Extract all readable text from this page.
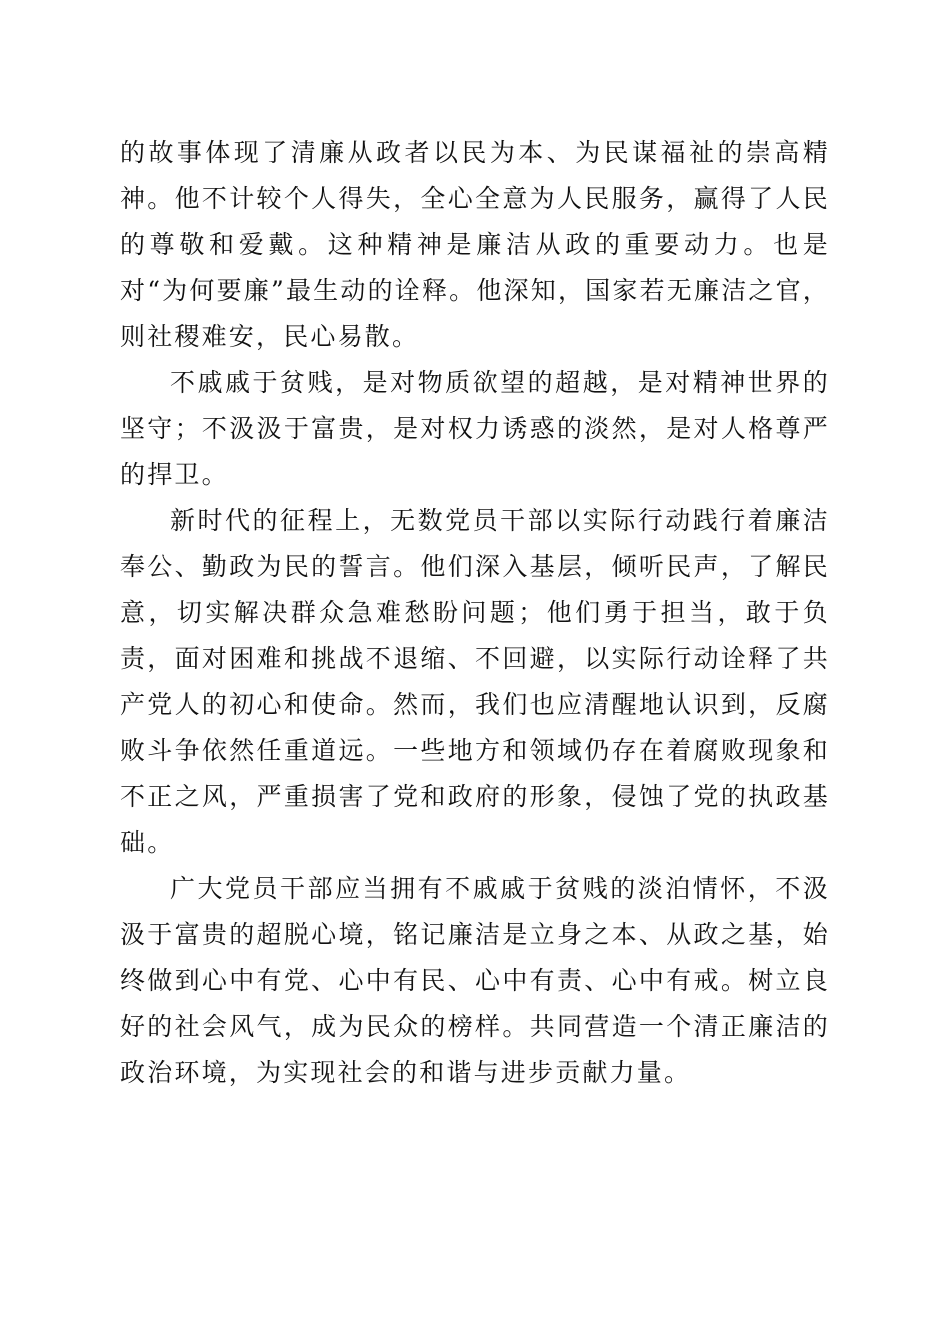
的故事体现了清廉从政者以民为本、为民谋福祉的崇高精神。他不计较个人得失，全心全意为人民服务，赢得了人民的尊敬和爱戴。这种精神是廉洁从政的重要动力。也是对“为何要廉”最生动的诠释。他深知，国家若无廉洁之官，则社稷难安，民心易散。

不戚戚于贫贱，是对物质欲望的超越，是对精神世界的坚守；不汲汲于富贵，是对权力诱惑的淡然，是对人格尊严的捍卫。

新时代的征程上，无数党员干部以实际行动践行着廉洁奉公、勤政为民的誓言。他们深入基层，倾听民声，了解民意，切实解决群众急难愁盼问题；他们勇于担当，敢于负责，面对困难和挑战不退缩、不回避，以实际行动诠释了共产党人的初心和使命。然而，我们也应清醒地认识到，反腐败斗争依然任重道远。一些地方和领域仍存在着腐败现象和不正之风，严重损害了党和政府的形象，侵蚀了党的执政基础。

广大党员干部应当拥有不戚戚于贫贱的淡泊情怀，不汲汲于富贵的超脱心境，铭记廉洁是立身之本、从政之基，始终做到心中有党、心中有民、心中有责、心中有戒。树立良好的社会风气，成为民众的榜样。共同营造一个清正廉洁的政治环境，为实现社会的和谐与进步贡献力量。
